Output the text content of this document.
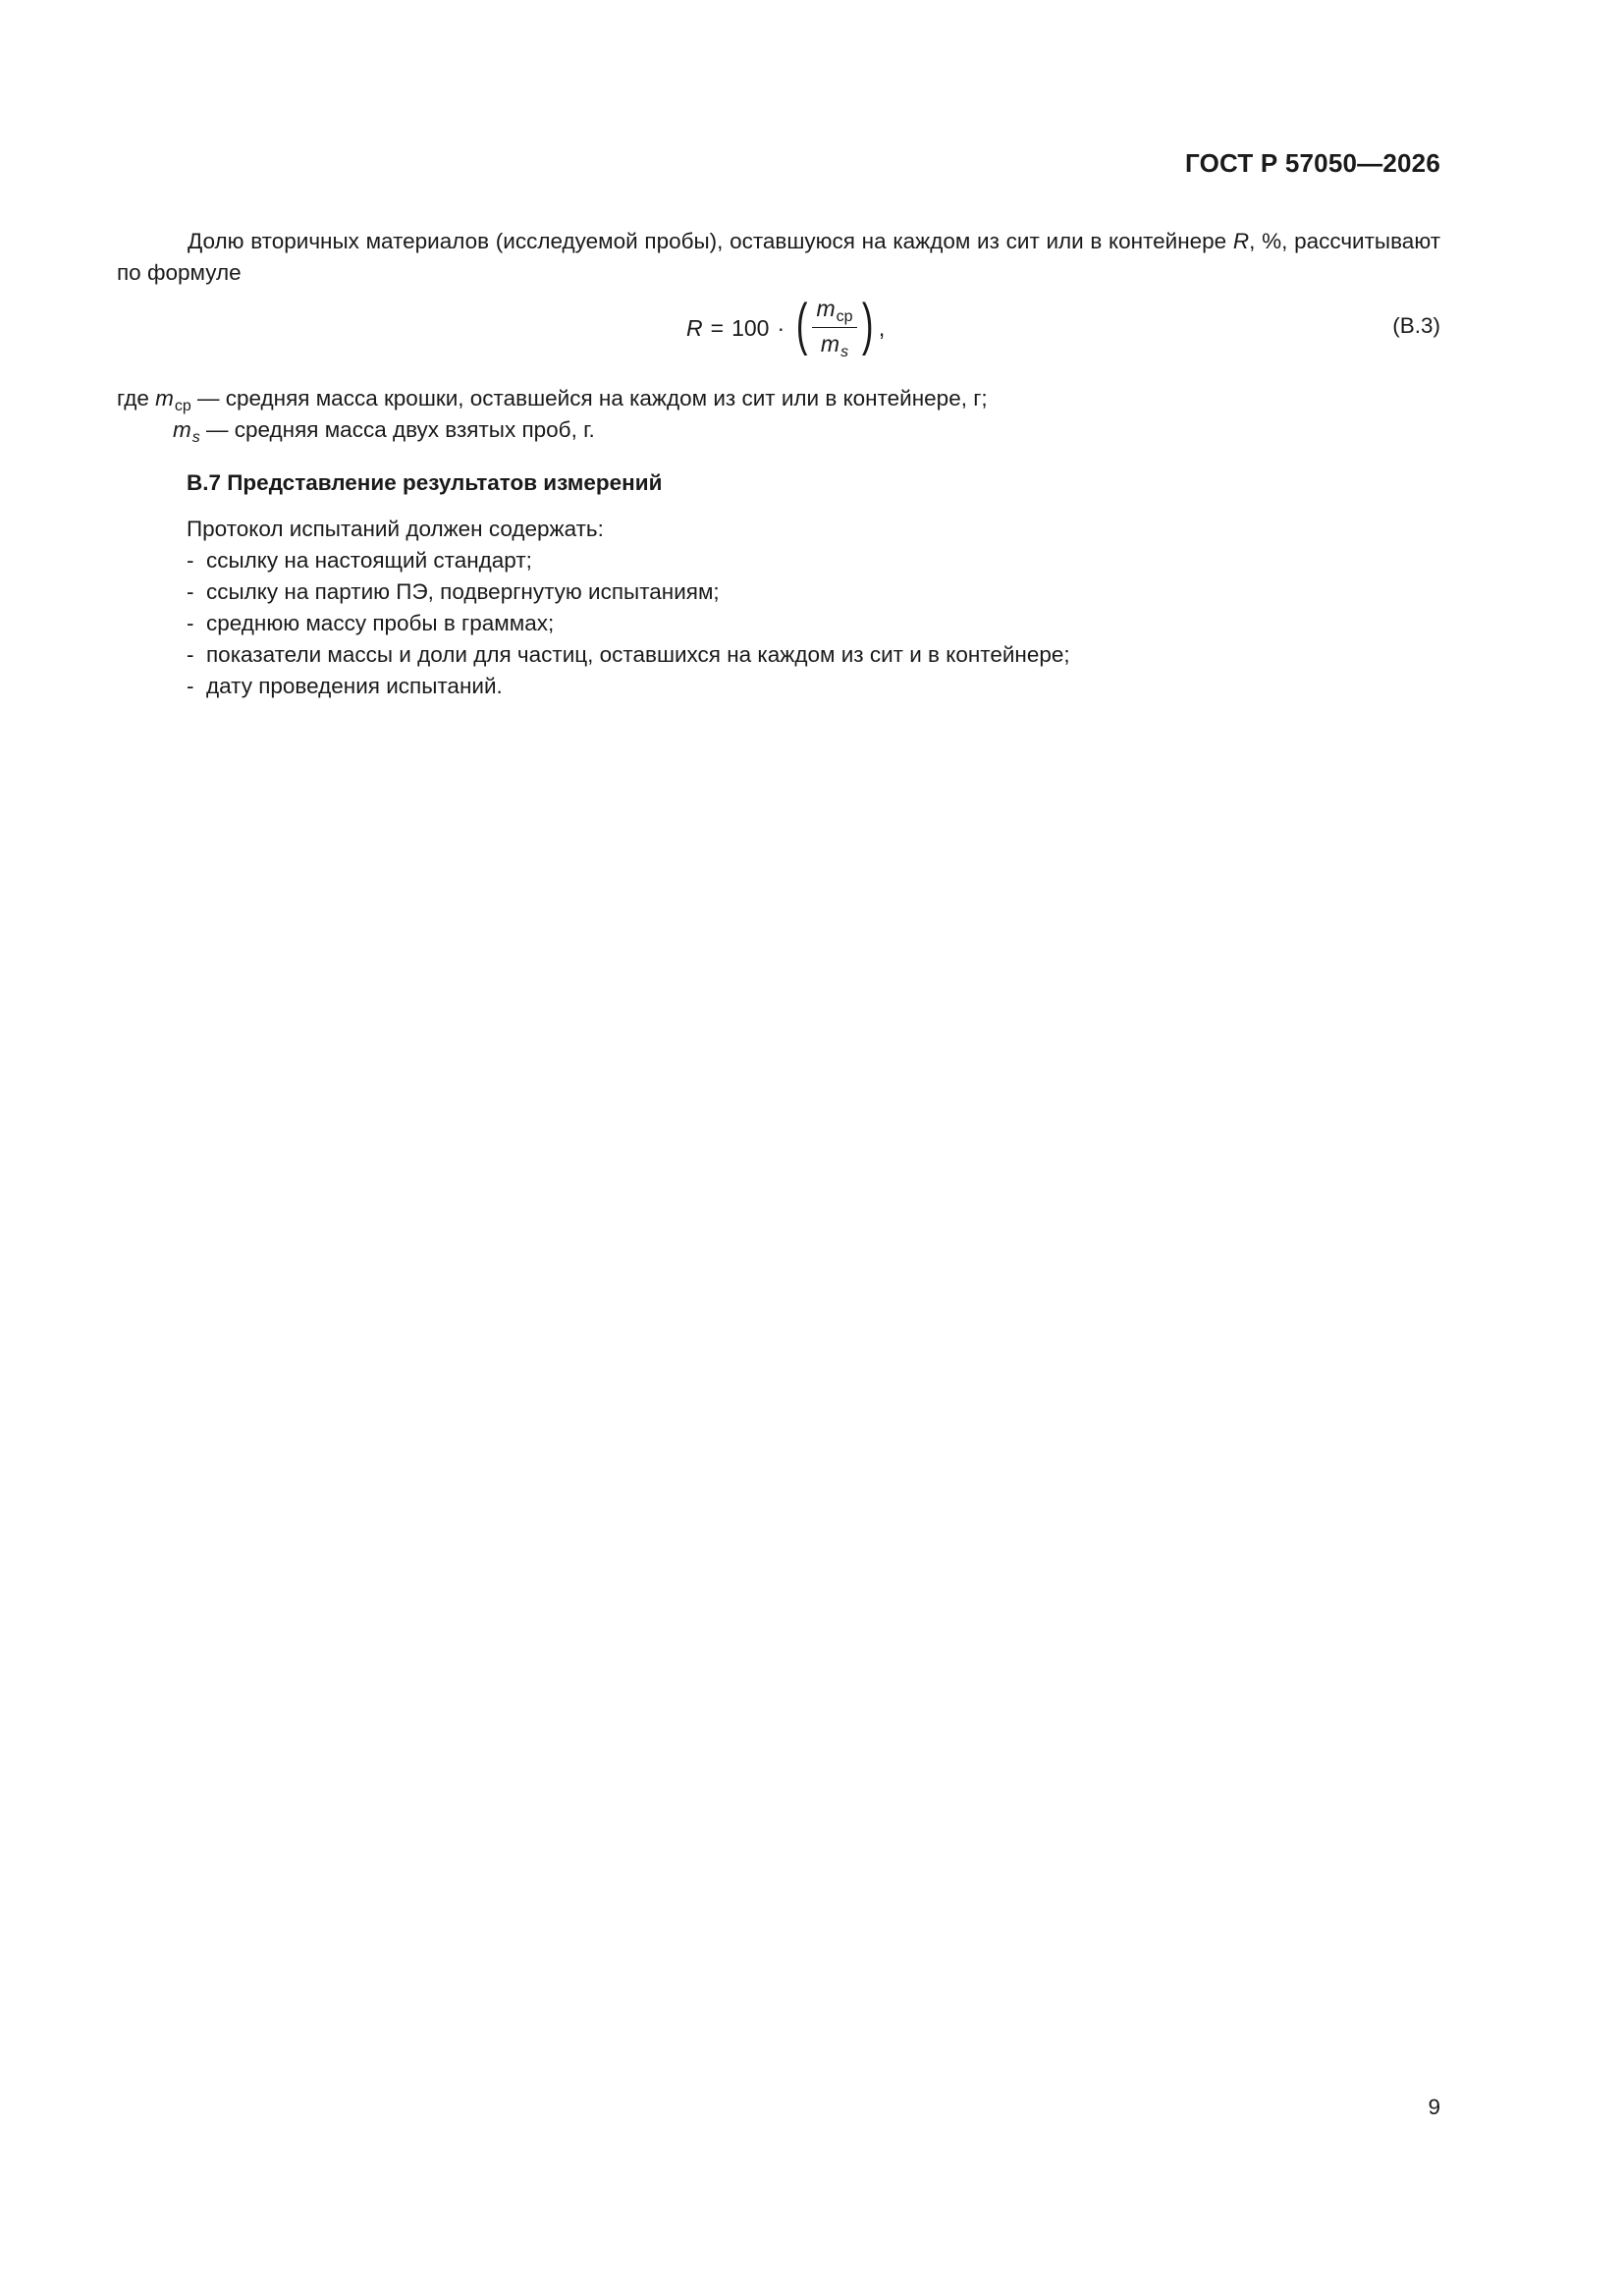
ГОСТ Р 57050—2026

Долю вторичных материалов (исследуемой пробы), оставшуюся на каждом из сит или в контейнере R, %, рассчитывают по формуле

R = 100 · ( $\frac{m_{ср}}{m_s}$ ) ,	(В.3)
где $m_{ср}$ — средняя масса крошки, оставшейся на каждом из сит или в контейнере, г;
$m_s$ — средняя масса двух взятых проб, г.
В.7 Представление результатов измерений
Протокол испытаний должен содержать:
- ссылку на настоящий стандарт;
- ссылку на партию ПЭ, подвергнутую испытаниям;
- среднюю массу пробы в граммах;
- показатели массы и доли для частиц, оставшихся на каждом из сит и в контейнере;
- дату проведения испытаний.
9
